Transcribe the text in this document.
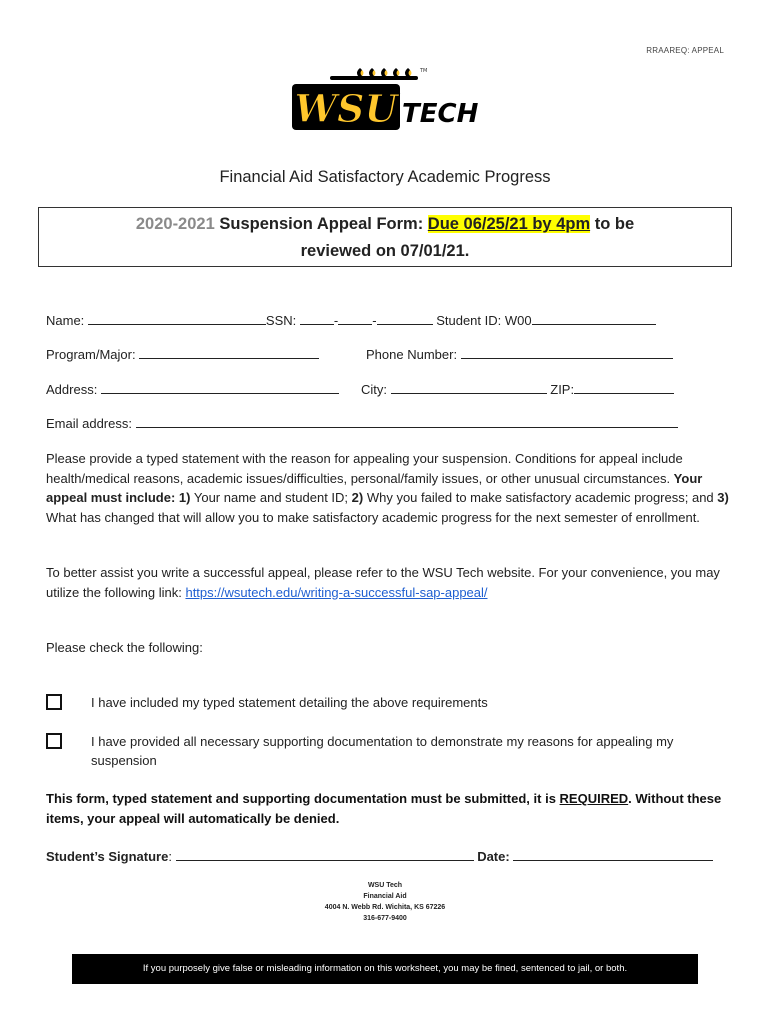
RRAAREQ: APPEAL
WSU TECH
TM
Financial Aid Satisfactory Academic Progress
2020-2021 Suspension Appeal Form: Due 06/25/21 by 4pm to be
reviewed on 07/01/21.
Name:	SSN:	-	-	Student ID: W00
Program/Major:	Phone Number:
Address:	City:	ZIP:
Email address:
Please provide a typed statement with the reason for appealing your suspension. Conditions for appeal include health/medical reasons, academic issues/difficulties, personal/family issues, or other unusual circumstances. Your appeal must include: 1) Your name and student ID; 2) Why you failed to make satisfactory academic progress; and 3) What has changed that will allow you to make satisfactory academic progress for the next semester of enrollment.
To better assist you write a successful appeal, please refer to the WSU Tech website. For your convenience, you may utilize the following link: https://wsutech.edu/writing-a-successful-sap-appeal/
Please check the following:
I have included my typed statement detailing the above requirements
I have provided all necessary supporting documentation to demonstrate my reasons for appealing my suspension
This form, typed statement and supporting documentation must be submitted, it is REQUIRED. Without these items, your appeal will automatically be denied.
Student’s Signature:	Date:
WSU Tech
Financial Aid
4004 N. Webb Rd. Wichita, KS 67226
316-677-9400
If you purposely give false or misleading information on this worksheet, you may be fined, sentenced to jail, or both.
